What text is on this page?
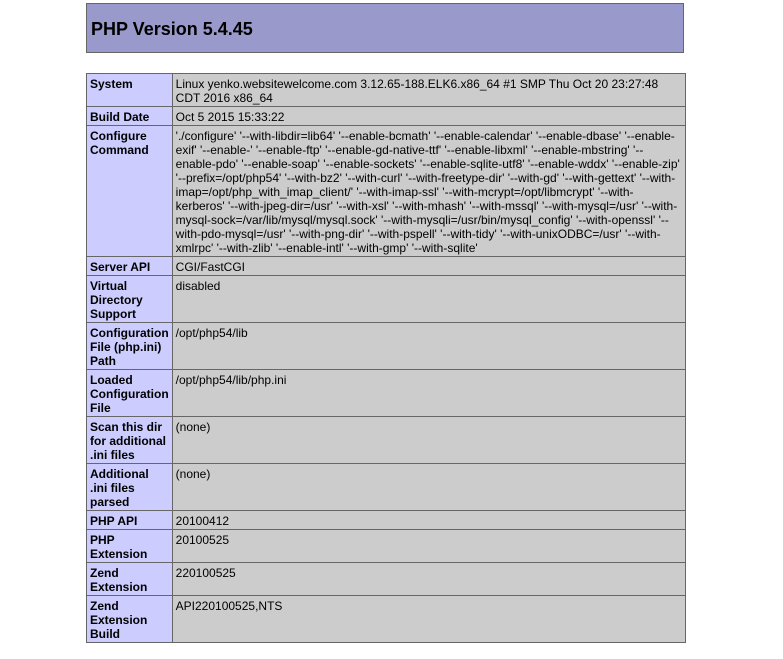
PHP Version 5.4.45
System	Linux yenko.websitewelcome.com 3.12.65-188.ELK6.x86_64 #1 SMP Thu Oct 20 23:27:48 CDT 2016 x86_64
Build Date	Oct 5 2015 15:33:22
Configure Command	'./configure' '--with-libdir=lib64' '--enable-bcmath' '--enable-calendar' '--enable-dbase' '--enable-exif' '--enable-' '--enable-ftp' '--enable-gd-native-ttf' '--enable-libxml' '--enable-mbstring' '--enable-pdo' '--enable-soap' '--enable-sockets' '--enable-sqlite-utf8' '--enable-wddx' '--enable-zip' '--prefix=/opt/php54' '--with-bz2' '--with-curl' '--with-freetype-dir' '--with-gd' '--with-gettext' '--with-imap=/opt/php_with_imap_client/' '--with-imap-ssl' '--with-mcrypt=/opt/libmcrypt' '--with-kerberos' '--with-jpeg-dir=/usr' '--with-xsl' '--with-mhash' '--with-mssql' '--with-mysql=/usr' '--with-mysql-sock=/var/lib/mysql/mysql.sock' '--with-mysqli=/usr/bin/mysql_config' '--with-openssl' '--with-pdo-mysql=/usr' '--with-png-dir' '--with-pspell' '--with-tidy' '--with-unixODBC=/usr' '--with-xmlrpc' '--with-zlib' '--enable-intl' '--with-gmp' '--with-sqlite'
Server API	CGI/FastCGI
Virtual Directory Support	disabled
Configuration File (php.ini) Path	/opt/php54/lib
Loaded Configuration File	/opt/php54/lib/php.ini
Scan this dir for additional .ini files	(none)
Additional .ini files parsed	(none)
PHP API	20100412
PHP Extension	20100525
Zend Extension	220100525
Zend Extension Build	API220100525,NTS
